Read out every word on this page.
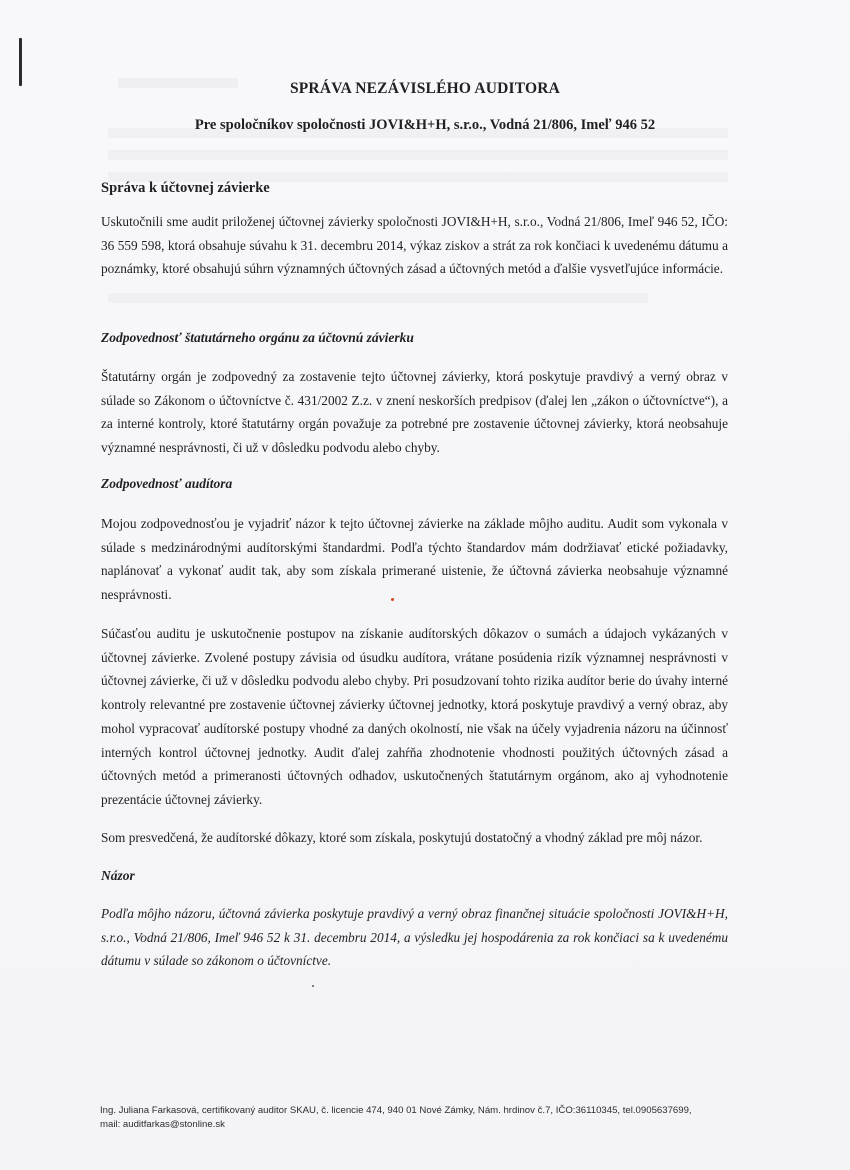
SPRÁVA NEZÁVISLÉHO AUDITORA
Pre spoločníkov spoločnosti JOVI&H+H, s.r.o., Vodná 21/806, Imeľ 946 52
Správa k účtovnej závierke

Uskutočnili sme audit priloženej účtovnej závierky spoločnosti JOVI&H+H, s.r.o., Vodná 21/806, Imeľ 946 52, IČO: 36 559 598, ktorá obsahuje súvahu k 31. decembru 2014, výkaz ziskov a strát za rok končiaci k uvedenému dátumu a poznámky, ktoré obsahujú súhrn významných účtovných zásad a účtovných metód a ďalšie vysvetľujúce informácie.

Zodpovednosť štatutárneho orgánu za účtovnú závierku

Štatutárny orgán je zodpovedný za zostavenie tejto účtovnej závierky, ktorá poskytuje pravdivý a verný obraz v súlade so Zákonom o účtovníctve č. 431/2002 Z.z. v znení neskorších predpisov (ďalej len „zákon o účtovníctve“), a za interné kontroly, ktoré štatutárny orgán považuje za potrebné pre zostavenie účtovnej závierky, ktorá neobsahuje významné nesprávnosti, či už v dôsledku podvodu alebo chyby.

Zodpovednosť audítora

Mojou zodpovednosťou je vyjadriť názor k tejto účtovnej závierke na základe môjho auditu. Audit som vykonala v súlade s medzinárodnými audítorskými štandardmi. Podľa týchto štandardov mám dodržiavať etické požiadavky, naplánovať a vykonať audit tak, aby som získala primerané uistenie, že účtovná závierka neobsahuje významné nesprávnosti.

Súčasťou auditu je uskutočnenie postupov na získanie audítorských dôkazov o sumách a údajoch vykázaných v účtovnej závierke. Zvolené postupy závisia od úsudku audítora, vrátane posúdenia rizík významnej nesprávnosti v účtovnej závierke, či už v dôsledku podvodu alebo chyby. Pri posudzovaní tohto rizika audítor berie do úvahy interné kontroly relevantné pre zostavenie účtovnej závierky účtovnej jednotky, ktorá poskytuje pravdivý a verný obraz, aby mohol vypracovať audítorské postupy vhodné za daných okolností, nie však na účely vyjadrenia názoru na účinnosť interných kontrol účtovnej jednotky. Audit ďalej zahŕňa zhodnotenie vhodnosti použitých účtovných zásad a účtovných metód a primeranosti účtovných odhadov, uskutočnených štatutárnym orgánom, ako aj vyhodnotenie prezentácie účtovnej závierky.

Som presvedčená, že audítorské dôkazy, ktoré som získala, poskytujú dostatočný a vhodný základ pre môj názor.

Názor

Podľa môjho názoru, účtovná závierka poskytuje pravdivý a verný obraz finančnej situácie spoločnosti JOVI&H+H, s.r.o., Vodná 21/806, Imeľ 946 52 k 31. decembru 2014, a výsledku jej hospodárenia za rok končiaci sa k uvedenému dátumu v súlade so zákonom o účtovníctve.

Ing. Juliana Farkasová, certifikovaný auditor SKAU, č. licencie 474, 940 01 Nové Zámky, Nám. hrdinov č.7, IČO:36110345, tel.0905637699,
mail: auditfarkas@stonline.sk
